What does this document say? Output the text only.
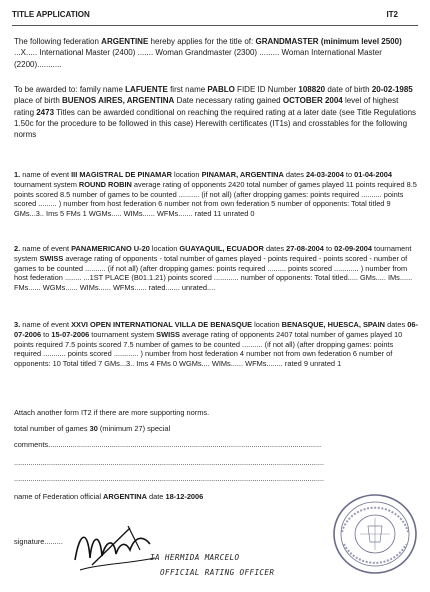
TITLE APPLICATION	IT2

The following federation ARGENTINE hereby applies for the title of: GRANDMASTER (minimum level 2500) ...X..... International Master (2400) ....... Woman Grandmaster (2300) ......... Woman International Master (2200)...........

To be awarded to: family name LAFUENTE first name PABLO FIDE ID Number 108820 date of birth 20-02-1985 place of birth BUENOS AIRES, ARGENTINA Date necessary rating gained OCTOBER 2004 level of highest rating 2473 Titles can be awarded conditional on reaching the required rating at a later date (see Title Regulations 1.50c for the procedure to be followed in this case) Herewith certificates (IT1s) and crosstables for the following norms

1. name of event III MAGISTRAL DE PINAMAR location PINAMAR, ARGENTINA dates 24-03-2004 to 01-04-2004 tournament system ROUND ROBIN average rating of opponents 2420 total number of games played 11 points required 8.5 points scored 8.5 number of games to be counted .......... (if not all) (after dropping games: points required .......... points scored ......... ) number from host federation 6 number not from own federation 5 number of opponents: Total titled 9 GMs...3.. Ims 5 FMs 1 WGMs..... WIMs...... WFMs....... rated 11 unrated 0

2. name of event PANAMERICANO U-20 location GUAYAQUIL, ECUADOR dates 27-08-2004 to 02-09-2004 tournament system SWISS average rating of opponents - total number of games played - points required - points scored - number of games to be counted .......... (if not all) (after dropping games: points required ......... points scored ............ ) number from host federation ........ ...1ST PLACE (B01.1.21) points scored ............ number of opponents: Total titled..... GMs..... IMs...... FMs...... WGMs...... WIMs...... WFMs...... rated....... unrated....

3. name of event XXVI OPEN INTERNATIONAL VILLA DE BENASQUE location BENASQUE, HUESCA, SPAIN dates 06-07-2006 to 15-07-2006 tournament system SWISS average rating of opponents 2407 total number of games played 10 points required 7.5 points scored 7.5 number of games to be counted .......... (if not all) (after dropping games: points required ........... points scored ............ ) number from host federation 4 number not from own federation 6 number of opponents: 10 Total titled 7 GMs...3.. Ims 4 FMs 0 WGMs.... WIMs...... WFMs........ rated 9 unrated 1

Attach another form IT2 if there are more supporting norms.

total number of games 30 (minimum 27) special

comments.....................................................................................................................................

.......................................................................................................................................................

.......................................................................................................................................................

name of Federation official ARGENTINA date 18-12-2006

signature.........

IA HERMIDA MARCELO
OFFICIAL RATING OFFICER
